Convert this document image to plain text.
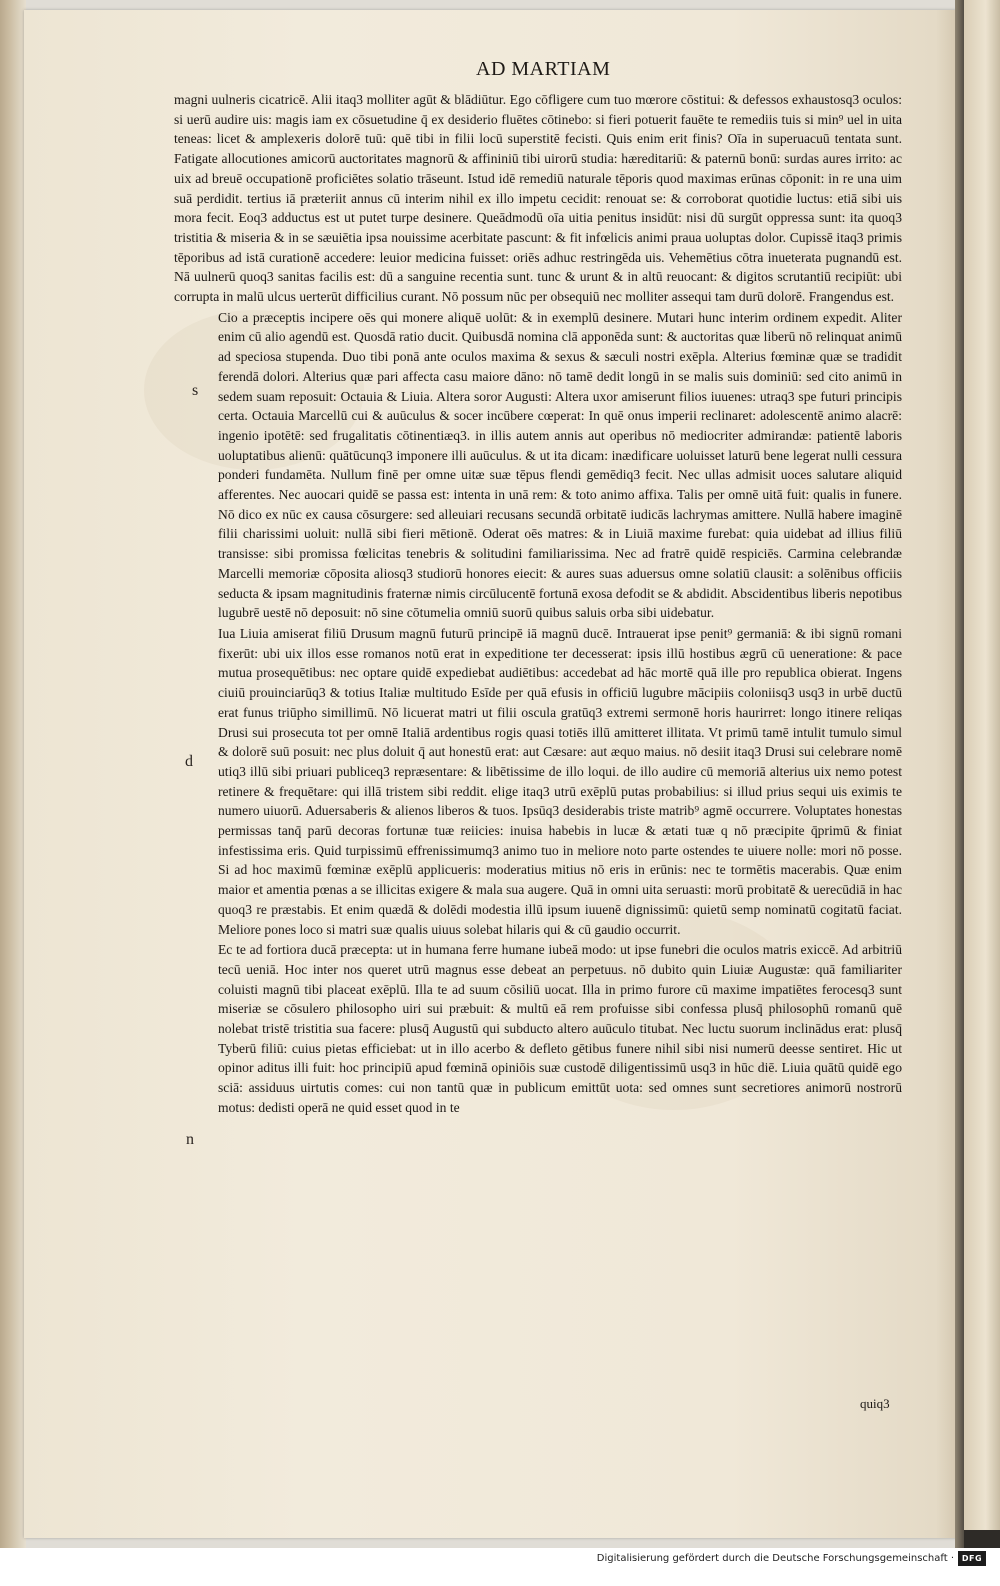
AD MARTIAM
s
d
n

magni uulneris cicatricē. Alii itaq3 molliter agūt & blādiūtur. Ego cōfligere cum tuo mœrore cōstitui: & defessos exhaustosq3 oculos: si uerū audire uis: magis iam ex cōsuetudine q̄ ex desiderio fluētes cōtinebo: si fieri potuerit fauēte te remediis tuis si min⁹ uel in uita teneas: licet & amplexeris dolorē tuū: quē tibi in filii locū superstitē fecisti. Quis enim erit finis? Oīa in superuacuū tentata sunt. Fatigate allocutiones amicorū auctoritates magnorū & affininiū tibi uirorū studia: hæreditariū: & paternū bonū: surdas aures irrito: ac uix ad breuē occupationē proficiētes solatio trāseunt. Istud idē remediū naturale tēporis quod maximas erūnas cōponit: in re una uim suā perdidit. tertius iā præteriit annus cū interim nihil ex illo impetu cecidit: renouat se: & corroborat quotidie luctus: etiā sibi uis mora fecit. Eoq3 adductus est ut putet turpe desinere. Queādmodū oīa uitia penitus insidūt: nisi dū surgūt oppressa sunt: ita quoq3 tristitia & miseria & in se sæuiētia ipsa nouissime acerbitate pascunt: & fit infœlicis animi praua uoluptas dolor. Cupissē itaq3 primis tēporibus ad istā curationē accedere: leuior medicina fuisset: oriēs adhuc restringēda uis. Vehemētius cōtra inueterata pugnandū est. Nā uulnerū quoq3 sanitas facilis est: dū a sanguine recentia sunt. tunc & urunt & in altū reuocant: & digitos scrutantiū recipiūt: ubi corrupta in malū ulcus uerterūt difficilius curant. Nō possum nūc per obsequiū nec molliter assequi tam durū dolorē. Frangendus est.

Cio a præceptis incipere oēs qui monere aliquē uolūt: & in exemplū desinere. Mutari hunc interim ordinem expedit. Aliter enim cū alio agendū est. Quosdā ratio ducit. Quibusdā nomina clā apponēda sunt: & auctoritas quæ liberū nō relinquat animū ad speciosa stupenda. Duo tibi ponā ante oculos maxima & sexus & sæculi nostri exēpla. Alterius fœminæ quæ se tradidit ferendā dolori. Alterius quæ pari affecta casu maiore dāno: nō tamē dedit longū in se malis suis dominiū: sed cito animū in sedem suam reposuit: Octauia & Liuia. Altera soror Augusti: Altera uxor amiserunt filios iuuenes: utraq3 spe futuri principis certa. Octauia Marcellū cui & auūculus & socer incūbere cœperat: In quē onus imperii reclinaret: adolescentē animo alacrē: ingenio ipotētē: sed frugalitatis cōtinentiæq3. in illis autem annis aut operibus nō mediocriter admirandæ: patientē laboris uoluptatibus alienū: quātūcunq3 imponere illi auūculus. & ut ita dicam: inædificare uoluisset laturū bene legerat nulli cessura ponderi fundamēta. Nullum finē per omne uitæ suæ tēpus flendi gemēdiq3 fecit. Nec ullas admisit uoces salutare aliquid afferentes. Nec auocari quidē se passa est: intenta in unā rem: & toto animo affixa. Talis per omnē uitā fuit: qualis in funere. Nō dico ex nūc ex causa cōsurgere: sed alleuiari recusans secundā orbitatē iudicās lachrymas amittere. Nullā habere imaginē filii charissimi uoluit: nullā sibi fieri mētionē. Oderat oēs matres: & in Liuiā maxime furebat: quia uidebat ad illius filiū transisse: sibi promissa fœlicitas tenebris & solitudini familiarissima. Nec ad fratrē quidē respiciēs. Carmina celebrandæ Marcelli memoriæ cōposita aliosq3 studiorū honores eiecit: & aures suas aduersus omne solatiū clausit: a solēnibus officiis seducta & ipsam magnitudinis fraternæ nimis circūlucentē fortunā exosa defodit se & abdidit. Abscidentibus liberis nepotibus lugubrē uestē nō deposuit: nō sine cōtumelia omniū suorū quibus saluis orba sibi uidebatur.

Iua Liuia amiserat filiū Drusum magnū futurū principē iā magnū ducē. Intrauerat ipse penit⁹ germaniā: & ibi signū romani fixerūt: ubi uix illos esse romanos notū erat in expeditione ter decesserat: ipsis illū hostibus ægrū cū ueneratione: & pace mutua prosequētibus: nec optare quidē expediebat audiētibus: accedebat ad hāc mortē quā ille pro republica obierat. Ingens ciuiū prouinciarūq3 & totius Italiæ multitudo Esīde per quā efusis in officiū lugubre mācipiis coloniisq3 usq3 in urbē ductū erat funus triūpho simillimū. Nō licuerat matri ut filii oscula gratūq3 extremi sermonē horis haurirret: longo itinere reliqas Drusi sui prosecuta tot per omnē Italiā ardentibus rogis quasi totiēs illū amitteret illitata. Vt primū tamē intulit tumulo simul & dolorē suū posuit: nec plus doluit q̄ aut honestū erat: aut Cæsare: aut æquo maius. nō desiit itaq3 Drusi sui celebrare nomē utiq3 illū sibi priuari publiceq3 repræsentare: & libētissime de illo loqui. de illo audire cū memoriā alterius uix nemo potest retinere & frequētare: qui illā tristem sibi reddit. elige itaq3 utrū exēplū putas probabilius: si illud prius sequi uis eximis te numero uiuorū. Aduersaberis & alienos liberos & tuos. Ipsūq3 desiderabis triste matrib⁹ agmē occurrere. Voluptates honestas permissas tanq̄ parū decoras fortunæ tuæ reiicies: inuisa habebis in lucæ & ætati tuæ q nō præcipite q̄primū & finiat infestissima eris. Quid turpissimū effrenissimumq3 animo tuo in meliore noto parte ostendes te uiuere nolle: mori nō posse. Si ad hoc maximū fœminæ exēplū applicueris: moderatius mitius nō eris in erūnis: nec te tormētis macerabis. Quæ enim maior et amentia pœnas a se illicitas exigere & mala sua augere. Quā in omni uita seruasti: morū probitatē & uerecūdiā in hac quoq3 re præstabis. Et enim quædā & dolēdi modestia illū ipsum iuuenē dignissimū: quietū semp nominatū cogitatū faciat. Meliore pones loco si matri suæ qualis uiuus solebat hilaris qui & cū gaudio occurrit.

Ec te ad fortiora ducā præcepta: ut in humana ferre humane iubeā modo: ut ipse funebri die oculos matris exiccē. Ad arbitriū tecū ueniā. Hoc inter nos queret utrū magnus esse debeat an perpetuus. nō dubito quin Liuiæ Augustæ: quā familiariter coluisti magnū tibi placeat exēplū. Illa te ad suum cōsiliū uocat. Illa in primo furore cū maxime impatiētes ferocesq3 sunt miseriæ se cōsulero philosopho uiri sui præbuit: & multū eā rem profuisse sibi confessa plusq̄ philosophū romanū quē nolebat tristē tristitia sua facere: plusq̄ Augustū qui subducto altero auūculo titubat. Nec luctu suorum inclinādus erat: plusq̄ Tyberū filiū: cuius pietas efficiebat: ut in illo acerbo & defleto gētibus funere nihil sibi nisi numerū deesse sentiret. Hic ut opinor aditus illi fuit: hoc principiū apud fœminā opiniōis suæ custodē diligentissimū usq3 in hūc diē. Liuia quātū quidē ego sciā: assiduus uirtutis comes: cui non tantū quæ in publicum emittūt uota: sed omnes sunt secretiores animorū nostrorū motus: dedisti operā ne quid esset quod in te

quiq3
Digitalisierung gefördert durch die Deutsche Forschungsgemeinschaft · DFG
